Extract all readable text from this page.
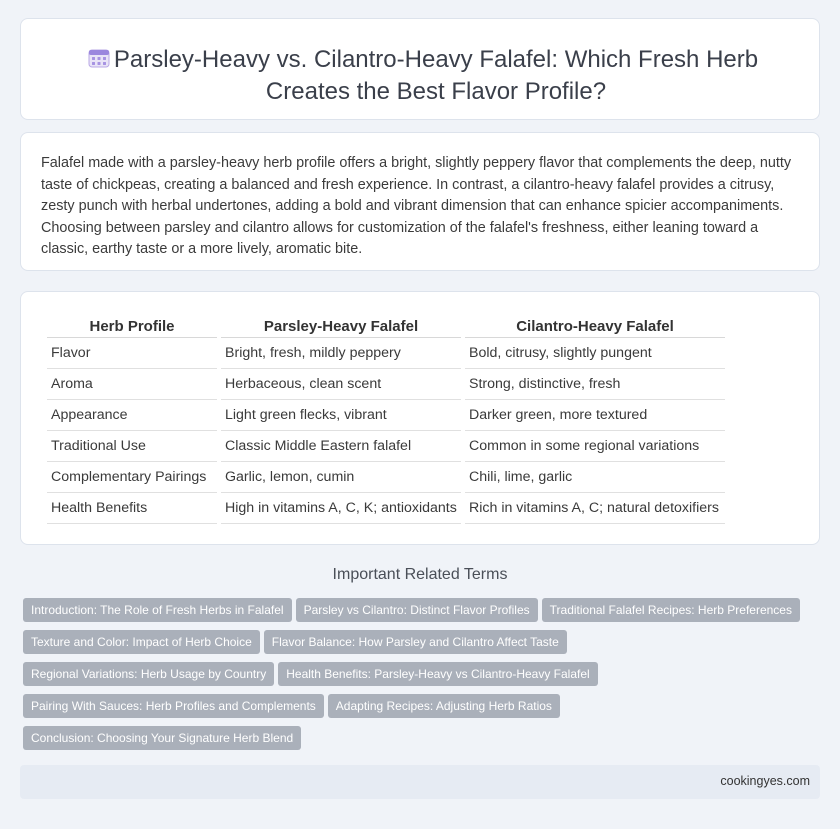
Parsley-Heavy vs. Cilantro-Heavy Falafel: Which Fresh Herb Creates the Best Flavor Profile?

Falafel made with a parsley-heavy herb profile offers a bright, slightly peppery flavor that complements the deep, nutty taste of chickpeas, creating a balanced and fresh experience. In contrast, a cilantro-heavy falafel provides a citrusy, zesty punch with herbal undertones, adding a bold and vibrant dimension that can enhance spicier accompaniments. Choosing between parsley and cilantro allows for customization of the falafel's freshness, either leaning toward a classic, earthy taste or a more lively, aromatic bite.

Herb Profile	Parsley-Heavy Falafel	Cilantro-Heavy Falafel
Flavor	Bright, fresh, mildly peppery	Bold, citrusy, slightly pungent
Aroma	Herbaceous, clean scent	Strong, distinctive, fresh
Appearance	Light green flecks, vibrant	Darker green, more textured
Traditional Use	Classic Middle Eastern falafel	Common in some regional variations
Complementary Pairings	Garlic, lemon, cumin	Chili, lime, garlic
Health Benefits	High in vitamins A, C, K; antioxidants	Rich in vitamins A, C; natural detoxifiers
Important Related Terms
Introduction: The Role of Fresh Herbs in Falafel Parsley vs Cilantro: Distinct Flavor Profiles Traditional Falafel Recipes: Herb Preferences
Texture and Color: Impact of Herb Choice Flavor Balance: How Parsley and Cilantro Affect Taste
Regional Variations: Herb Usage by Country Health Benefits: Parsley-Heavy vs Cilantro-Heavy Falafel
Pairing With Sauces: Herb Profiles and Complements Adapting Recipes: Adjusting Herb Ratios
Conclusion: Choosing Your Signature Herb Blend
cookingyes.com
